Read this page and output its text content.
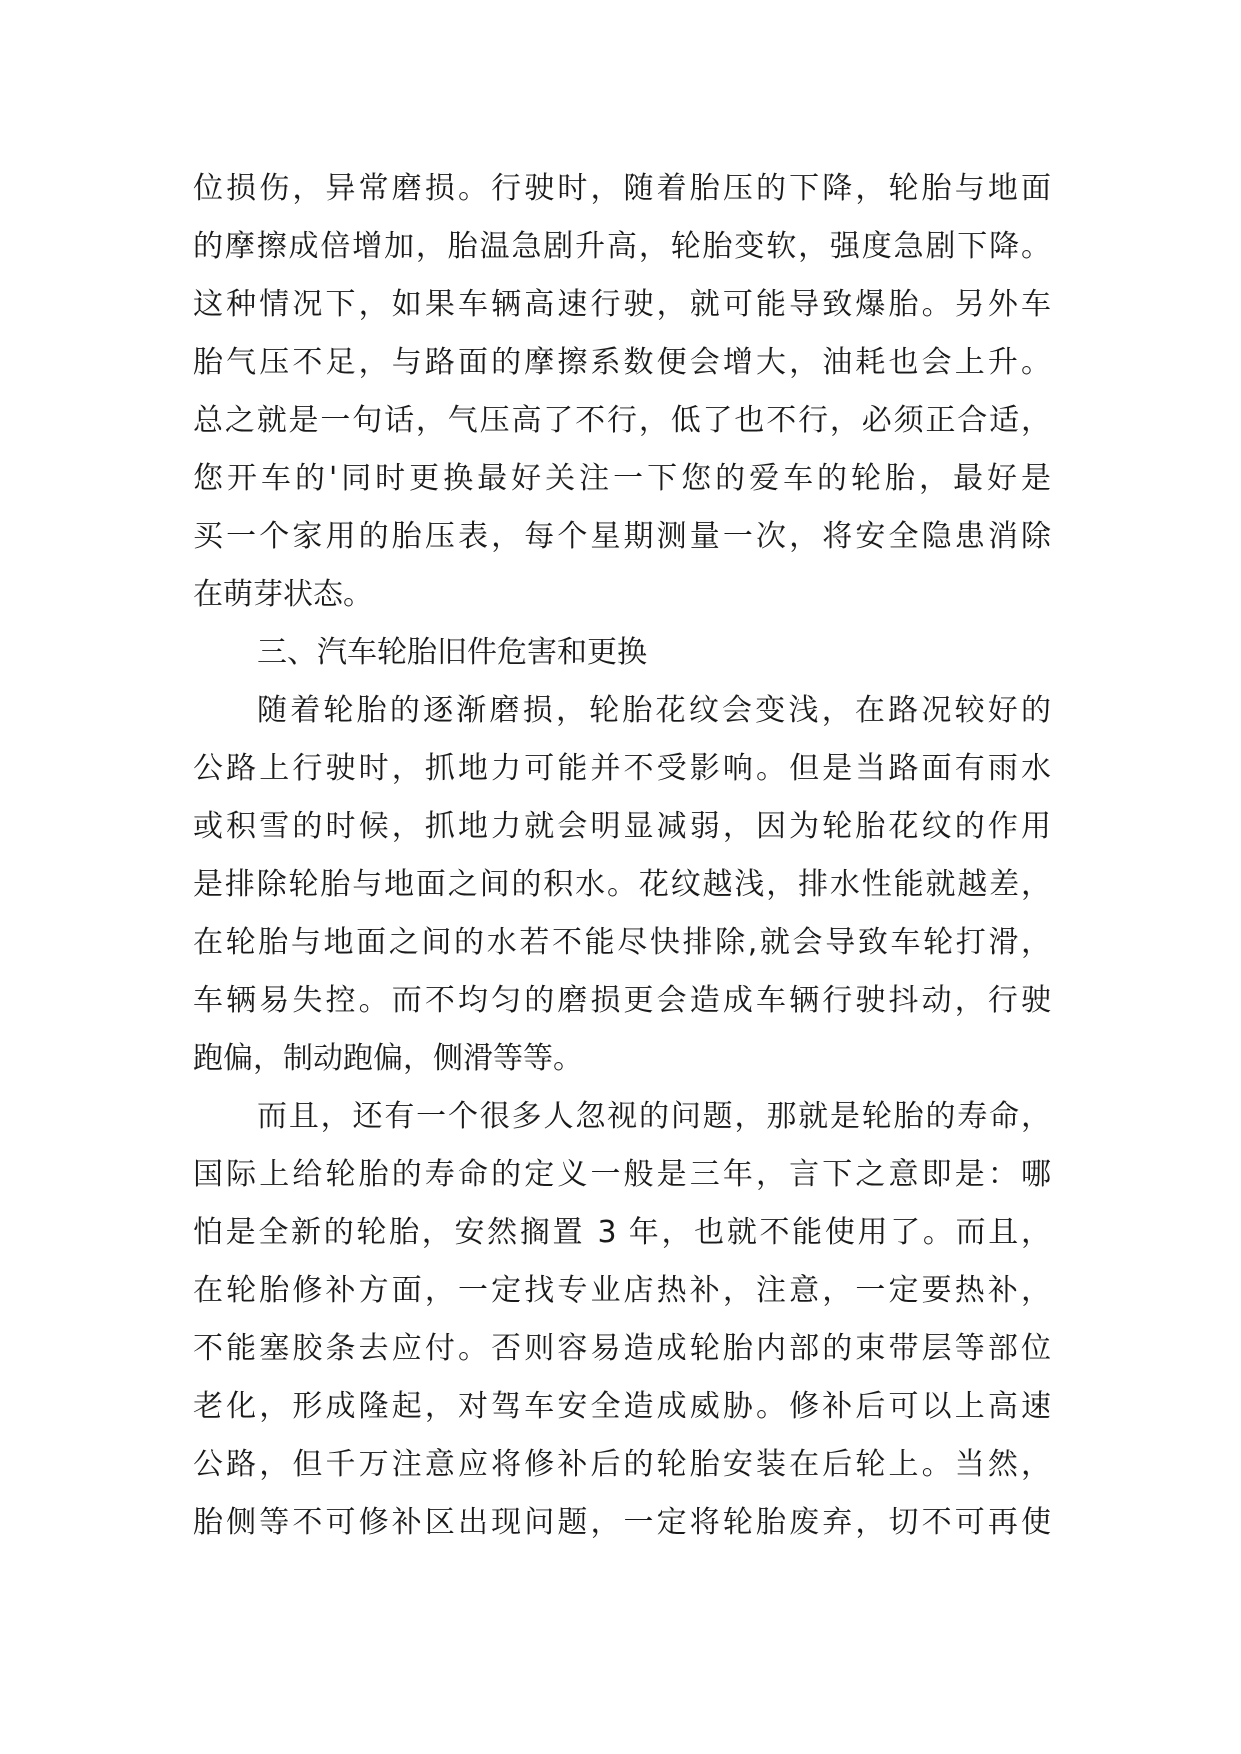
位损伤，异常磨损。行驶时，随着胎压的下降，轮胎与地面
的摩擦成倍增加，胎温急剧升高，轮胎变软，强度急剧下降。
这种情况下，如果车辆高速行驶，就可能导致爆胎。另外车
胎气压不足，与路面的摩擦系数便会增大，油耗也会上升。
总之就是一句话，气压高了不行，低了也不行，必须正合适，
您开车的'同时更换最好关注一下您的爱车的轮胎，最好是
买一个家用的胎压表，每个星期测量一次，将安全隐患消除
在萌芽状态。
三、汽车轮胎旧件危害和更换
随着轮胎的逐渐磨损，轮胎花纹会变浅，在路况较好的
公路上行驶时，抓地力可能并不受影响。但是当路面有雨水
或积雪的时候，抓地力就会明显减弱，因为轮胎花纹的作用
是排除轮胎与地面之间的积水。花纹越浅，排水性能就越差，
在轮胎与地面之间的水若不能尽快排除,就会导致车轮打滑，
车辆易失控。而不均匀的磨损更会造成车辆行驶抖动，行驶
跑偏，制动跑偏，侧滑等等。
而且，还有一个很多人忽视的问题，那就是轮胎的寿命，
国际上给轮胎的寿命的定义一般是三年，言下之意即是：哪
怕是全新的轮胎，安然搁置 3 年，也就不能使用了。而且，
在轮胎修补方面，一定找专业店热补，注意，一定要热补，
不能塞胶条去应付。否则容易造成轮胎内部的束带层等部位
老化，形成隆起，对驾车安全造成威胁。修补后可以上高速
公路，但千万注意应将修补后的轮胎安装在后轮上。当然，
胎侧等不可修补区出现问题，一定将轮胎废弃，切不可再使
